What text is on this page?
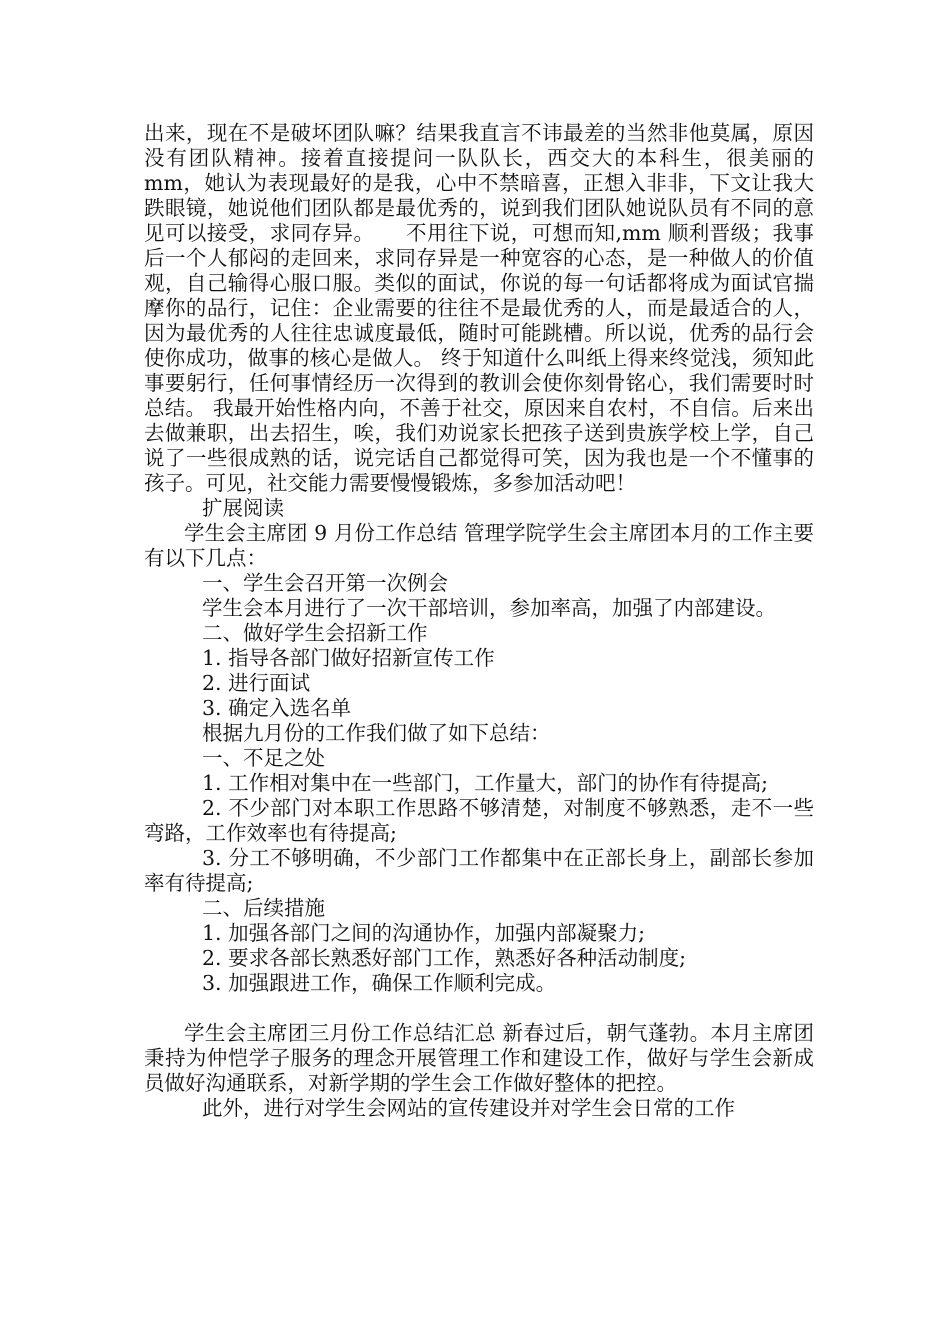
出来，现在不是破坏团队嘛？结果我直言不讳最差的当然非他莫属，原因没有团队精神。接着直接提问一队队长，西交大的本科生，很美丽的 mm，她认为表现最好的是我，心中不禁暗喜，正想入非非，下文让我大跌眼镜，她说他们团队都是最优秀的，说到我们团队她说队员有不同的意见可以接受，求同存异。　　不用往下说，可想而知,mm 顺利晋级；我事后一个人郁闷的走回来，求同存异是一种宽容的心态，是一种做人的价值观，自己输得心服口服。类似的面试，你说的每一句话都将成为面试官揣摩你的品行，记住：企业需要的往往不是最优秀的人，而是最适合的人，因为最优秀的人往往忠诚度最低，随时可能跳槽。所以说，优秀的品行会使你成功，做事的核心是做人。 终于知道什么叫纸上得来终觉浅，须知此事要躬行，任何事情经历一次得到的教训会使你刻骨铭心，我们需要时时总结。 我最开始性格内向，不善于社交，原因来自农村，不自信。后来出去做兼职，出去招生，唉，我们劝说家长把孩子送到贵族学校上学，自己说了一些很成熟的话，说完话自己都觉得可笑，因为我也是一个不懂事的孩子。可见，社交能力需要慢慢锻炼，多参加活动吧！

扩展阅读

学生会主席团 9 月份工作总结 管理学院学生会主席团本月的工作主要有以下几点：

一、学生会召开第一次例会

学生会本月进行了一次干部培训，参加率高，加强了内部建设。

二、做好学生会招新工作

1. 指导各部门做好招新宣传工作

2. 进行面试

3. 确定入选名单

根据九月份的工作我们做了如下总结：

一、不足之处

1. 工作相对集中在一些部门，工作量大，部门的协作有待提高;

2. 不少部门对本职工作思路不够清楚，对制度不够熟悉，走不一些弯路，工作效率也有待提高;

3. 分工不够明确，不少部门工作都集中在正部长身上，副部长参加率有待提高;

二、后续措施

1. 加强各部门之间的沟通协作，加强内部凝聚力;

2. 要求各部长熟悉好部门工作，熟悉好各种活动制度;

3. 加强跟进工作，确保工作顺利完成。

学生会主席团三月份工作总结汇总 新春过后，朝气蓬勃。本月主席团秉持为仲恺学子服务的理念开展管理工作和建设工作，做好与学生会新成员做好沟通联系，对新学期的学生会工作做好整体的把控。

此外，进行对学生会网站的宣传建设并对学生会日常的工作
